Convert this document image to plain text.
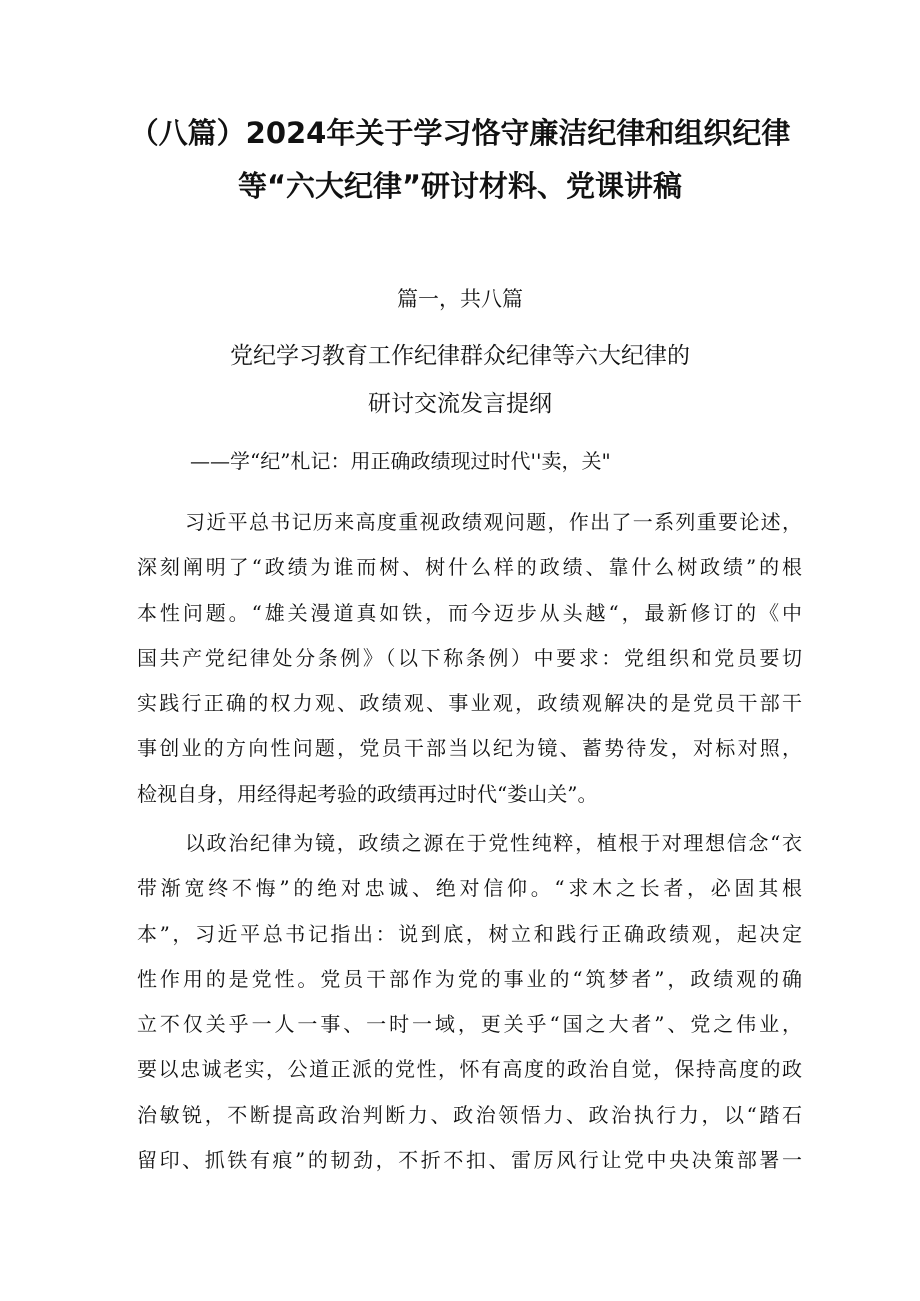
（八篇）2024年关于学习恪守廉洁纪律和组织纪律
等“六大纪律”研讨材料、党课讲稿
篇一，共八篇
党纪学习教育工作纪律群众纪律等六大纪律的
研讨交流发言提纲
——学“纪”札记：用正确政绩现过时代''卖，关"
习近平总书记历来高度重视政绩观问题，作出了一系列重要论述，
深刻阐明了“政绩为谁而树、树什么样的政绩、靠什么树政绩”的根
本性问题。“雄关漫道真如铁，而今迈步从头越“，最新修订的《中
国共产党纪律处分条例》（以下称条例）中要求：党组织和党员要切
实践行正确的权力观、政绩观、事业观，政绩观解决的是党员干部干
事创业的方向性问题，党员干部当以纪为镜、蓄势待发，对标对照，
检视自身，用经得起考验的政绩再过时代“娄山关”。
以政治纪律为镜，政绩之源在于党性纯粹，植根于对理想信念“衣
带渐宽终不悔”的绝对忠诚、绝对信仰。“求木之长者，必固其根
本”，习近平总书记指出：说到底，树立和践行正确政绩观，起决定
性作用的是党性。党员干部作为党的事业的“筑梦者”，政绩观的确
立不仅关乎一人一事、一时一域，更关乎“国之大者”、党之伟业，
要以忠诚老实，公道正派的党性，怀有高度的政治自觉，保持高度的政
治敏锐，不断提高政治判断力、政治领悟力、政治执行力，以“踏石
留印、抓铁有痕”的韧劲，不折不扣、雷厉风行让党中央决策部署一
